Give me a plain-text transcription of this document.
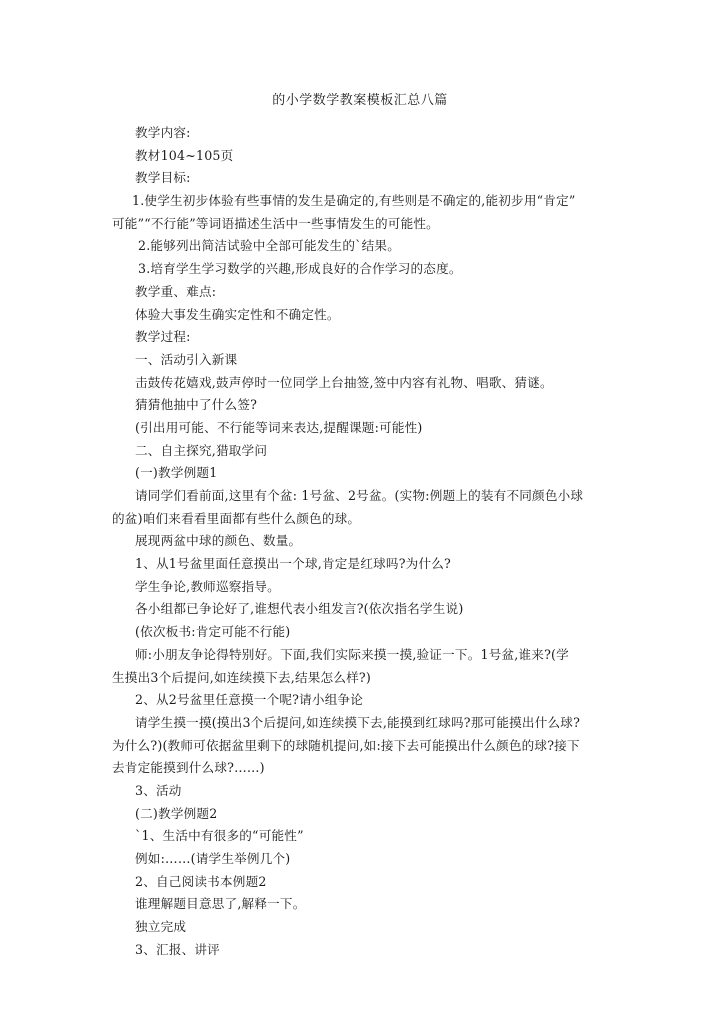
的小学数学教案模板汇总八篇
教学内容:
教材104~105页
教学目标:
1.使学生初步体验有些事情的发生是确定的,有些则是不确定的,能初步用“肯定”
可能”“不行能”等词语描述生活中一些事情发生的可能性。
2.能够列出简洁试验中全部可能发生的`结果。
3.培育学生学习数学的兴趣,形成良好的合作学习的态度。
教学重、难点:
体验大事发生确实定性和不确定性。
教学过程:
一、活动引入新课
击鼓传花嬉戏,鼓声停时一位同学上台抽签,签中内容有礼物、唱歌、猜谜。
猜猜他抽中了什么签?
(引出用可能、不行能等词来表达,提醒课题:可能性)
二、自主探究,猎取学问
(一)教学例题1
请同学们看前面,这里有个盆: 1号盆、2号盆。(实物:例题上的装有不同颜色小球
的盆)咱们来看看里面都有些什么颜色的球。
展现两盆中球的颜色、数量。
1、从1号盆里面任意摸出一个球,肯定是红球吗?为什么?
学生争论,教师巡察指导。
各小组都已争论好了,谁想代表小组发言?(依次指名学生说)
(依次板书:肯定可能不行能)
师:小朋友争论得特别好。下面,我们实际来摸一摸,验证一下。1号盆,谁来?(学
生摸出3个后提问,如连续摸下去,结果怎么样?)
2、从2号盆里任意摸一个呢?请小组争论
请学生摸一摸(摸出3个后提问,如连续摸下去,能摸到红球吗?那可能摸出什么球?
为什么?)(教师可依据盆里剩下的球随机提问,如:接下去可能摸出什么颜色的球?接下
去肯定能摸到什么球?……)
3、活动
(二)教学例题2
`1、生活中有很多的“可能性”
例如:……(请学生举例几个)
2、自己阅读书本例题2
谁理解题目意思了,解释一下。
独立完成
3、汇报、讲评
